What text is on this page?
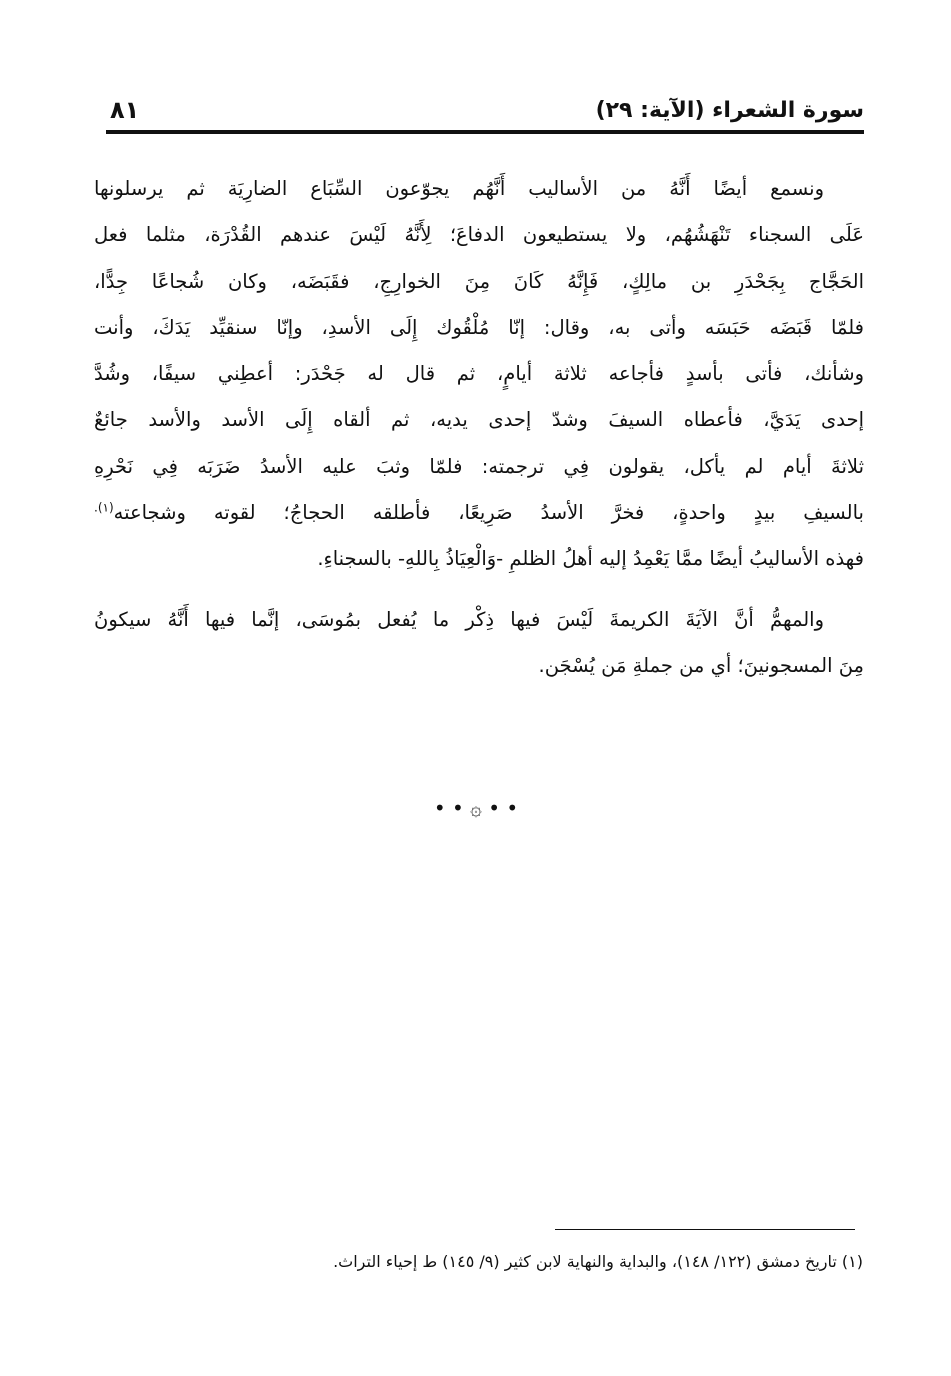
سورة الشعراء (الآية: ٢٩)
٨١
ونسمع أيضًا أَنَّهُ من الأساليب أَنَّهُم يجوّعون السِّبَاع الضارِيَة ثم يرسلونها
عَلَى السجناء تَنْهَشُهُم، ولا يستطيعون الدفاعَ؛ لِأَنَّهُ لَيْسَ عندهم القُدْرَة، مثلما فعل
الحَجَّاج بِجَحْدَرِ بن مالِكٍ، فَإِنَّهُ كَانَ مِنَ الخوارِجِ، فقَبَضَه، وكان شُجاعًا جِدًّا،
فلمّا قَبَضَه حَبَسَه وأتى به، وقال: إنّا مُلْقُوك إِلَى الأسدِ، وإنّا سنقيِّد يَدَكَ، وأنت
وشأنك، فأتى بأسدٍ فأجاعه ثلاثة أيامٍ، ثم قال له جَحْدَر: أعطِني سيفًا، وشُدَّ
إحدى يَدَيَّ، فأعطاه السيفَ وشدّ إحدى يديه، ثم ألقاه إِلَى الأسد والأسد جائعٌ
ثلاثةَ أيام لم يأكل، يقولون فِي ترجمته: فلمّا وثبَ عليه الأسدُ ضَرَبَه فِي نَحْرِهِ
بالسيفِ بيدٍ واحدةٍ، فخرَّ الأسدُ صَرِيعًا، فأطلقه الحجاجُ؛ لقوته وشجاعته$^{(١).}$
فهذه الأساليبُ أيضًا ممَّا يَعْمِدُ إليه أهلُ الظلمِ -وَالْعِيَاذُ بِاللهِ- بالسجناءِ.
والمهمُّ أنَّ الآيَةَ الكريمةَ لَيْسَ فيها ذِكْر ما يُفعل بمُوسَى، إنَّما فيها أَنَّهُ سيكونُ
مِنَ المسجونينَ؛ أي من جملةِ مَن يُسْجَن.
• • ۞ • •
(١) تاريخ دمشق (١٢٢/ ١٤٨)، والبداية والنهاية لابن كثير (٩/ ١٤٥) ط إحياء التراث.
